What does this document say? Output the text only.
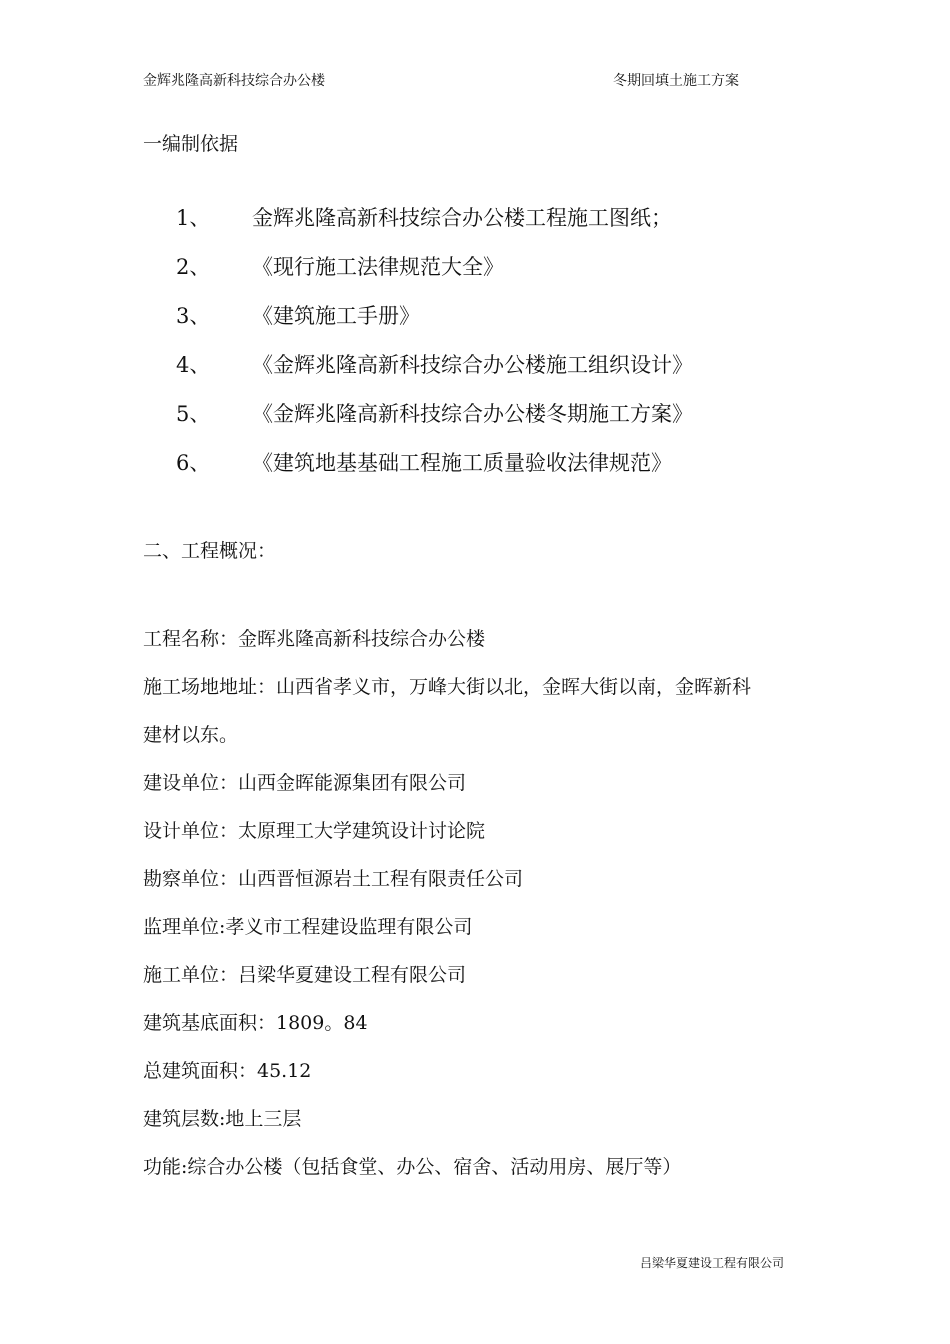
金辉兆隆高新科技综合办公楼	冬期回填土施工方案
一编制依据
1、 金辉兆隆高新科技综合办公楼工程施工图纸；
2、 《现行施工法律规范大全》
3、 《建筑施工手册》
4、 《金辉兆隆高新科技综合办公楼施工组织设计》
5、 《金辉兆隆高新科技综合办公楼冬期施工方案》
6、 《建筑地基基础工程施工质量验收法律规范》
二、工程概况：
工程名称：金晖兆隆高新科技综合办公楼
施工场地地址：山西省孝义市，万峰大街以北，金晖大街以南，金晖新科
建材以东。
建设单位：山西金晖能源集团有限公司
设计单位：太原理工大学建筑设计讨论院
勘察单位：山西晋恒源岩土工程有限责任公司
监理单位:孝义市工程建设监理有限公司
施工单位：吕梁华夏建设工程有限公司
建筑基底面积：1809。84
总建筑面积：45.12
建筑层数:地上三层
功能:综合办公楼（包括食堂、办公、宿舍、活动用房、展厅等）
吕梁华夏建设工程有限公司
